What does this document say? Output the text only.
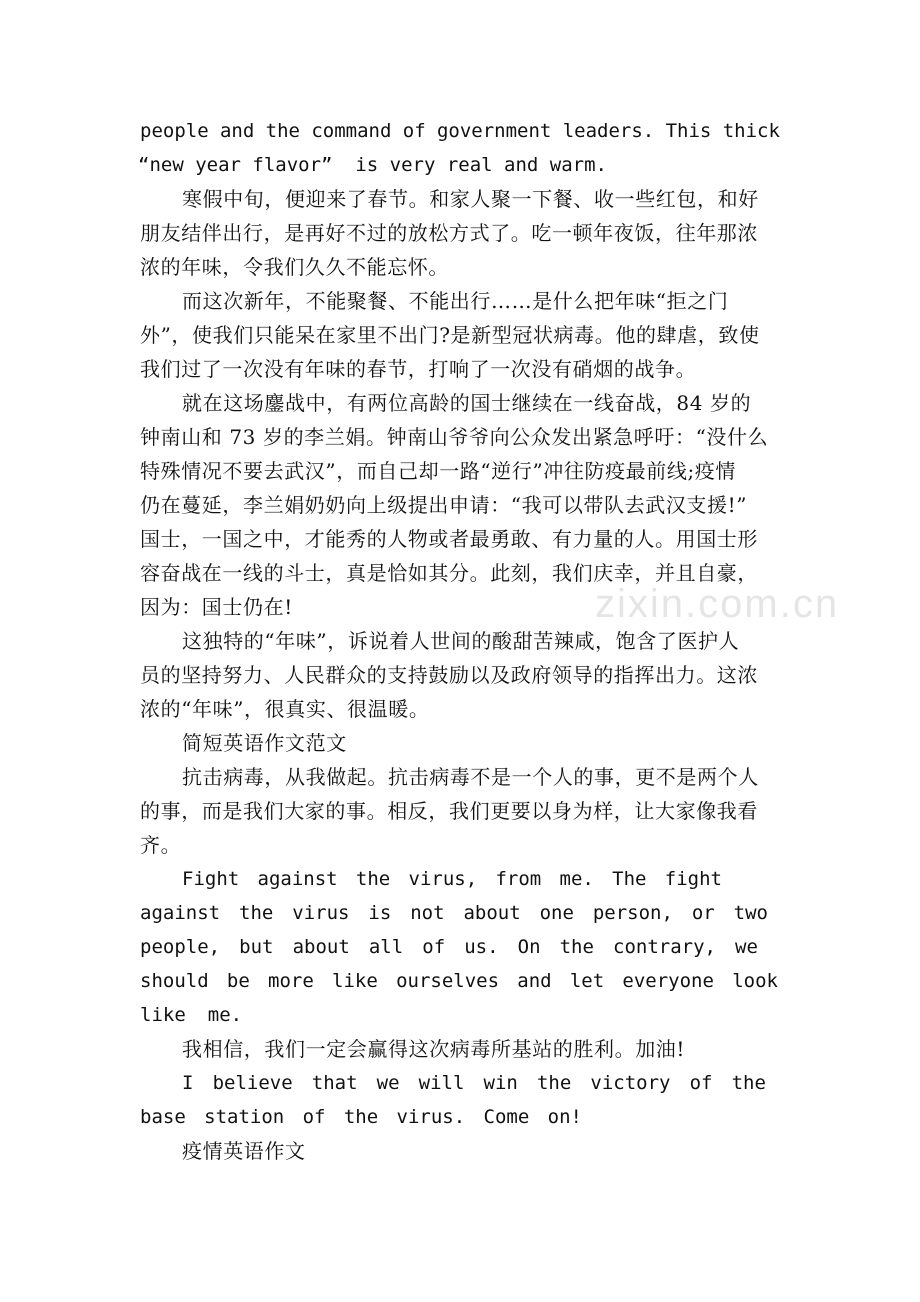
people and the command of government leaders. This thick
“new year flavor”  is very real and warm.
寒假中旬，便迎来了春节。和家人聚一下餐、收一些红包，和好
朋友结伴出行，是再好不过的放松方式了。吃一顿年夜饭，往年那浓
浓的年味，令我们久久不能忘怀。
而这次新年，不能聚餐、不能出行……是什么把年味“拒之门
外”，使我们只能呆在家里不出门?是新型冠状病毒。他的肆虐，致使
我们过了一次没有年味的春节，打响了一次没有硝烟的战争。
就在这场鏖战中，有两位高龄的国士继续在一线奋战，84 岁的
钟南山和 73 岁的李兰娟。钟南山爷爷向公众发出紧急呼吁：“没什么
特殊情况不要去武汉”，而自己却一路“逆行”冲往防疫最前线;疫情
仍在蔓延，李兰娟奶奶向上级提出申请：“我可以带队去武汉支援!”
国士，一国之中，才能秀的人物或者最勇敢、有力量的人。用国士形
容奋战在一线的斗士，真是恰如其分。此刻，我们庆幸，并且自豪，
因为：国士仍在!
这独特的“年味”，诉说着人世间的酸甜苦辣咸，饱含了医护人
员的坚持努力、人民群众的支持鼓励以及政府领导的指挥出力。这浓
浓的“年味”，很真实、很温暖。
简短英语作文范文
抗击病毒，从我做起。抗击病毒不是一个人的事，更不是两个人
的事，而是我们大家的事。相反，我们更要以身为样，让大家像我看
齐。
Fight against the virus, from me. The fight
against the virus is not about one person, or two
people, but about all of us. On the contrary, we
should be more like ourselves and let everyone look
like me.
我相信，我们一定会赢得这次病毒所基站的胜利。加油!
I believe that we will win the victory of the
base station of the virus. Come on!
疫情英语作文
zixin.com.cn
